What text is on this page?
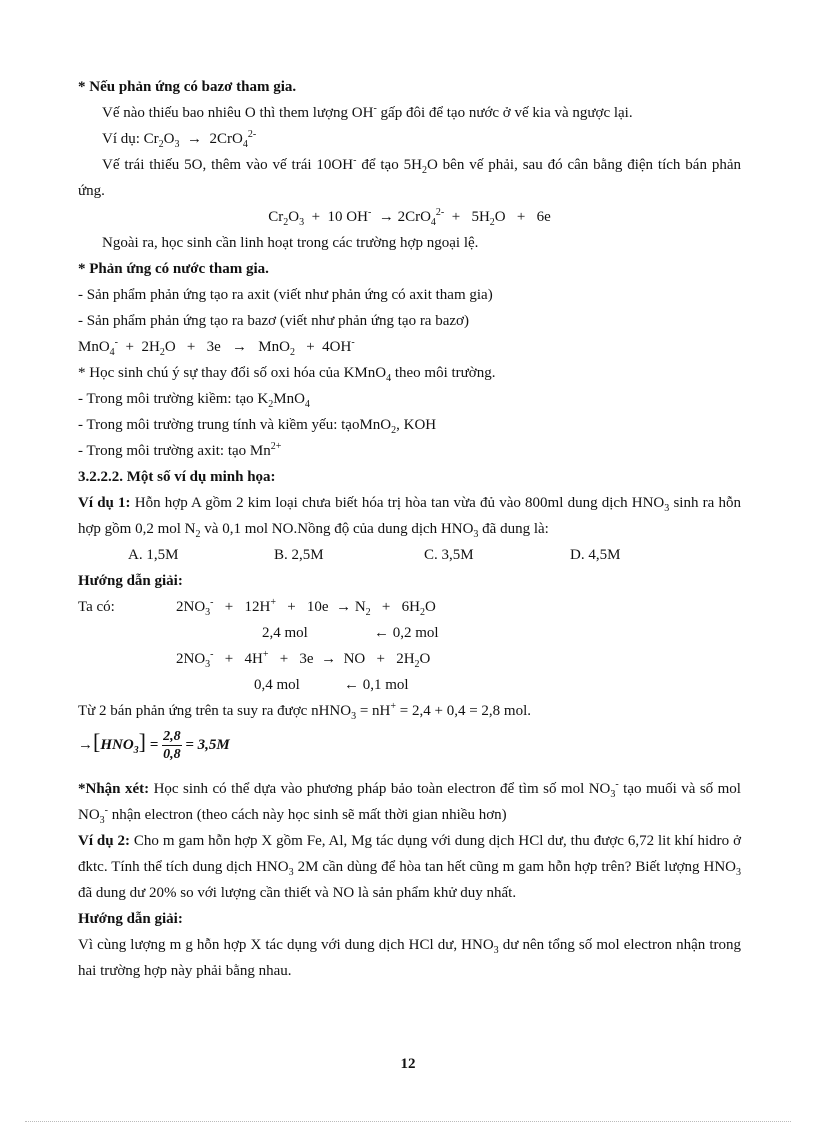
* Nếu phản ứng có bazơ tham gia.
Vế nào thiếu bao nhiêu O thì them lượng OH- gấp đôi để tạo nước ở vế kia và ngược lại.
Ví dụ: $Cr_2O_3 \to 2CrO_4^{2-}$
Vế trái thiếu 5O, thêm vào vế trái 10OH- để tạo $5H_2O$ bên vế phải, sau đó cân bằng điện tích bán phản ứng.
$Cr_2O_3 + 10$ $OH^- \to 2CrO_4^{2-} + 5H_2O + 6e$
Ngoài ra, học sinh cần linh hoạt trong các trường hợp ngoại lệ.
* Phản ứng có nước tham gia.
- Sản phẩm phản ứng tạo ra axit (viết như phản ứng có axit tham gia)
- Sản phẩm phản ứng tạo ra bazơ (viết như phản ứng tạo ra bazơ)
$MnO_4^- + 2H_2O + 3e \to MnO_2 + 4OH^-$
* Học sinh chú ý sự thay đổi số oxi hóa của KMnO$_4$ theo môi trường.
- Trong môi trường kiềm: tạo $K_2MnO_4$
- Trong môi trường trung tính và kiềm yếu: tạoMnO$_2$, KOH
- Trong môi trường axit: tạo $Mn^{2+}$
3.2.2.2. Một số ví dụ minh họa:
Ví dụ 1: Hỗn hợp A gồm 2 kim loại chưa biết hóa trị hòa tan vừa đủ vào 800ml dung dịch $HNO_3$ sinh ra hỗn hợp gồm 0,2 mol $N_2$ và 0,1 mol NO.Nồng độ của dung dịch $HNO_3$ đã dung là:
A. 1,5M	B. 2,5M	C. 3,5M	D. 4,5M
Hướng dẫn giải:
Ta có:	$2NO_3^- + 12H^+ + 10e \to N_2 + 6H_2O$
2,4 mol	← 0,2 mol
$2NO_3^- + 4H^+ + 3e$  →  NO   +   $2H_2O$
0,4 mol	← 0,1 mol
Từ 2 bán phản ứng trên ta suy ra được nHNO$_3$ = nH+ = 2,4 + 0,4 = 2,8 mol.
$\to[HNO_3] = \frac{2,8}{0,8} = 3,5M$
*Nhận xét: Học sinh có thể dựa vào phương pháp bảo toàn electron để tìm số mol $NO_3^-$ tạo muối và số mol $NO_3^-$ nhận electron (theo cách này học sinh sẽ mất thời gian nhiều hơn)
Ví dụ 2: Cho m gam hỗn hợp X gồm Fe, Al, Mg tác dụng với dung dịch HCl dư, thu được 6,72 lit khí hidro ở đktc. Tính thể tích dung dịch $HNO_3$ 2M cần dùng để hòa tan hết cũng m gam hỗn hợp trên? Biết lượng $HNO_3$ đã dung dư 20% so với lượng cần thiết và NO là sản phẩm khử duy nhất.
Hướng dẫn giải:
Vì cùng lượng m g hỗn hợp X tác dụng với dung dịch HCl dư, $HNO_3$ dư nên tổng số mol electron nhận trong hai trường hợp này phải bằng nhau.
12
